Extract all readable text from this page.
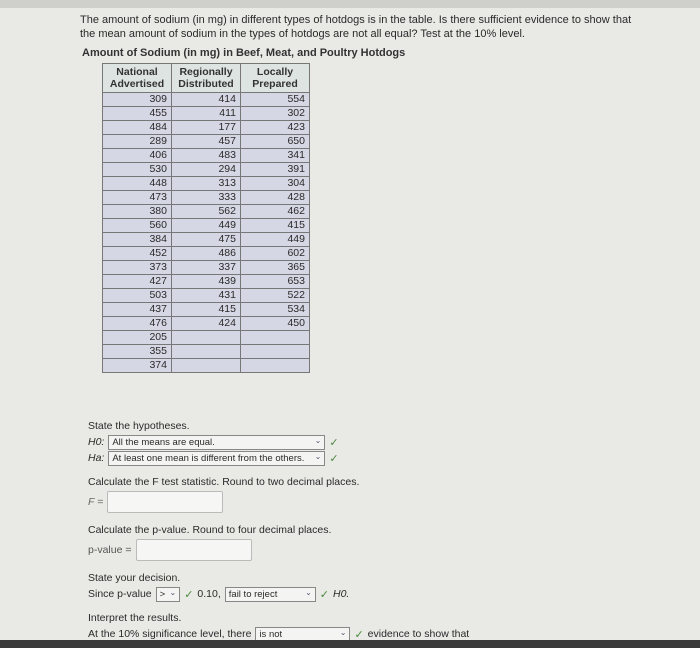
The amount of sodium (in mg) in different types of hotdogs is in the table. Is there sufficient evidence to show that the mean amount of sodium in the types of hotdogs are not all equal? Test at the 10% level.
Amount of Sodium (in mg) in Beef, Meat, and Poultry Hotdogs
National Advertised	Regionally Distributed	Locally Prepared
309	414	554
455	411	302
484	177	423
289	457	650
406	483	341
530	294	391
448	313	304
473	333	428
380	562	462
560	449	415
384	475	449
452	486	602
373	337	365
427	439	653
503	431	522
437	415	534
476	424	450
205		
355		
374		
State the hypotheses.
H0: All the means are equal.	⌄ ✓
Ha: At least one mean is different from the others. ⌄ ✓
Calculate the F test statistic. Round to two decimal places.
F =
Calculate the p-value. Round to four decimal places.
p-value =
State your decision.
Since p-value > ⌄ ✓ 0.10, fail to reject	⌄ ✓ H0.
Interpret the results.
At the 10% significance level, there is not	⌄ ✓ evidence to show that
